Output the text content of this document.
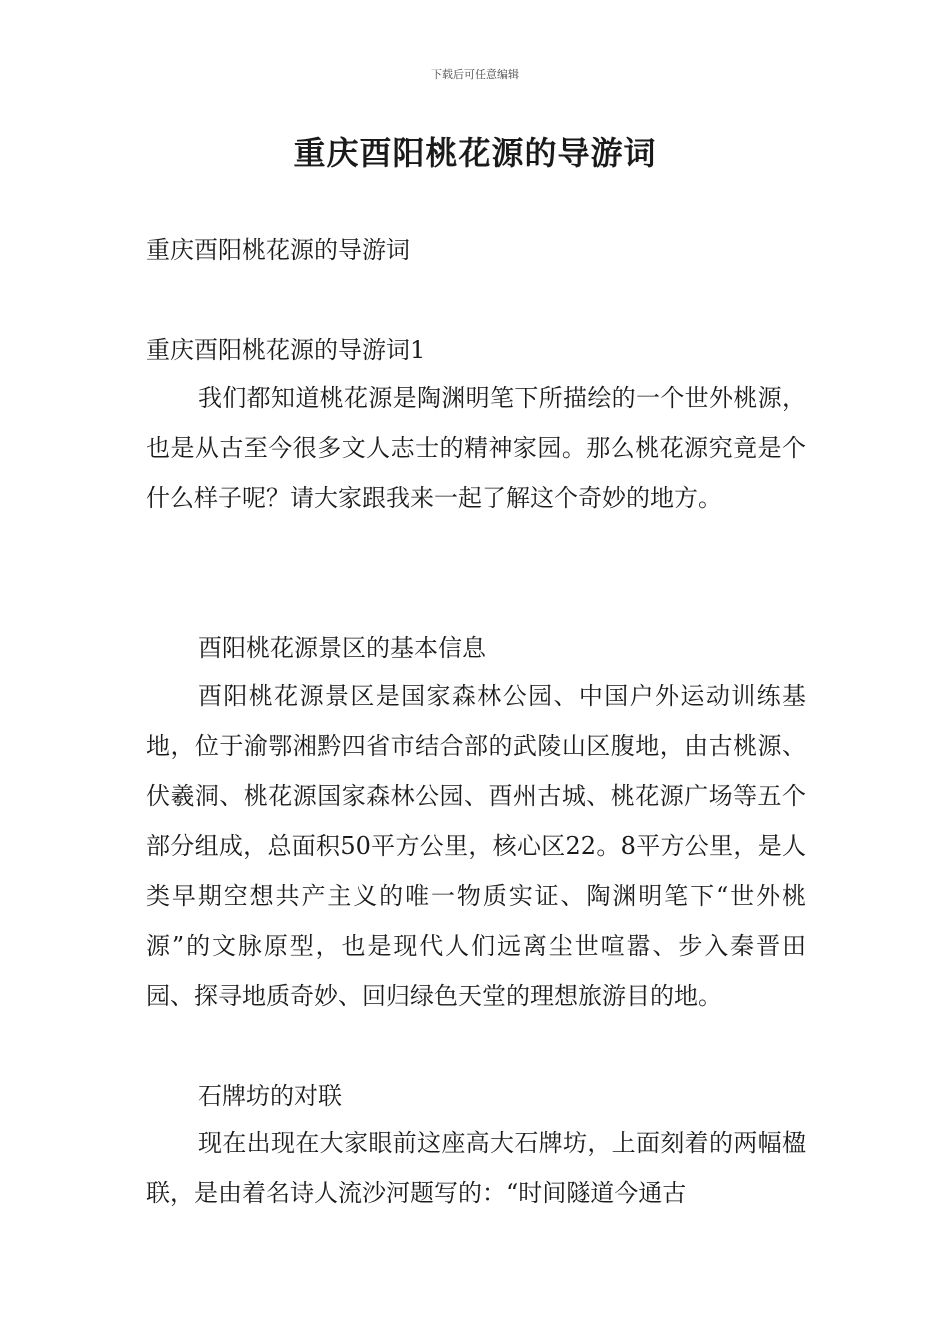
下载后可任意编辑
重庆酉阳桃花源的导游词
重庆酉阳桃花源的导游词
重庆酉阳桃花源的导游词1

我们都知道桃花源是陶渊明笔下所描绘的一个世外桃源，也是从古至今很多文人志士的精神家园。那么桃花源究竟是个什么样子呢？请大家跟我来一起了解这个奇妙的地方。

酉阳桃花源景区的基本信息

酉阳桃花源景区是国家森林公园、中国户外运动训练基地，位于渝鄂湘黔四省市结合部的武陵山区腹地，由古桃源、伏羲洞、桃花源国家森林公园、酉州古城、桃花源广场等五个部分组成，总面积50平方公里，核心区22。8平方公里，是人类早期空想共产主义的唯一物质实证、陶渊明笔下“世外桃源”的文脉原型，也是现代人们远离尘世喧嚣、步入秦晋田园、探寻地质奇妙、回归绿色天堂的理想旅游目的地。

石牌坊的对联

现在出现在大家眼前这座高大石牌坊，上面刻着的两幅楹联，是由着名诗人流沙河题写的：“时间隧道今通古
